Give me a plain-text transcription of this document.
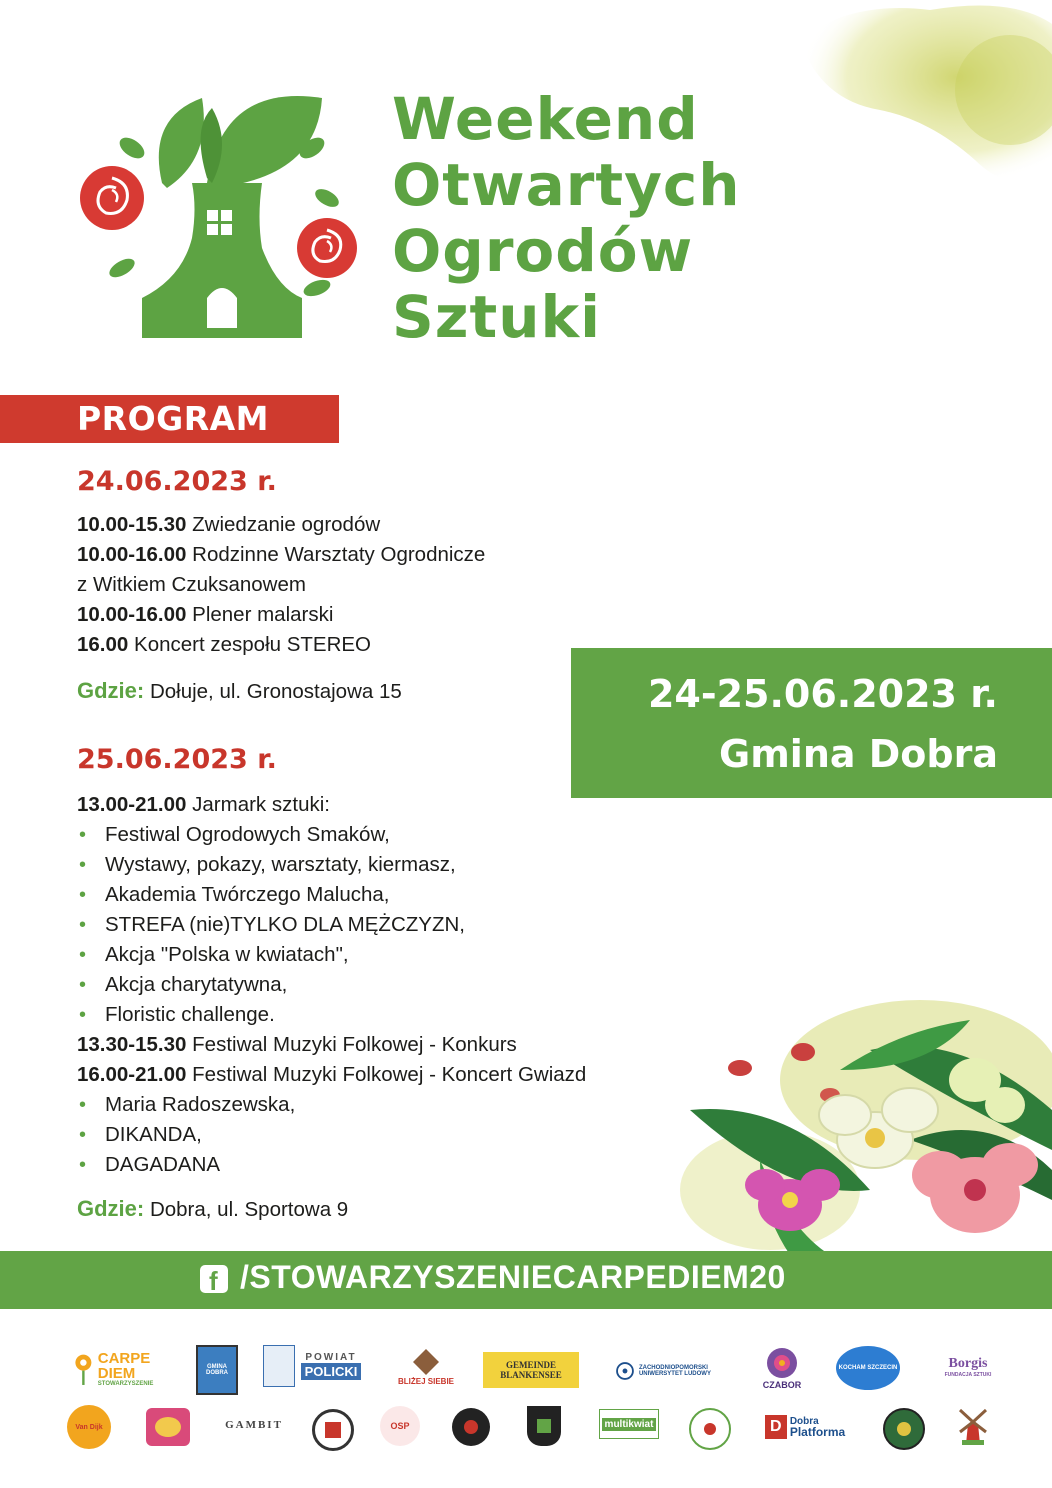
Weekend
Otwartych
Ogrodów
Sztuki
PROGRAM
24.06.2023 r.
10.00-15.30 Zwiedzanie ogrodów
10.00-16.00 Rodzinne Warsztaty Ogrodnicze
z Witkiem Czuksanowem
10.00-16.00 Plener malarski
16.00 Koncert zespołu STEREO
Gdzie: Dołuje, ul. Gronostajowa 15
25.06.2023 r.
13.00-21.00 Jarmark sztuki:
• Festiwal Ogrodowych Smaków,
• Wystawy, pokazy, warsztaty, kiermasz,
• Akademia Twórczego Malucha,
• STREFA (nie)TYLKO DLA MĘŻCZYZN,
• Akcja "Polska w kwiatach",
• Akcja charytatywna,
• Floristic challenge.
13.30-15.30 Festiwal Muzyki Folkowej - Konkurs
16.00-21.00 Festiwal Muzyki Folkowej - Koncert Gwiazd
• Maria Radoszewska,
• DIKANDA,
• DAGADANA
Gdzie: Dobra, ul. Sportowa 9
24-25.06.2023 r.
Gmina Dobra
f /STOWARZYSZENIECARPEDIEM20
CARPE DIEM
STOWARZYSZENIE
GMINA DOBRA
POWIAT
POLICKI
BLIŻEJ SIEBIE
GEMEINDE
BLANKENSEE
ZACHODNIOPOMORSKI UNIWERSYTET LUDOWY
CZABOR
KOCHAM SZCZECIN	Borgis
FUNDACJA SZTUKI
Van Dijk	GAMBIT	OSP	multikwiat	D Dobra
Platforma
